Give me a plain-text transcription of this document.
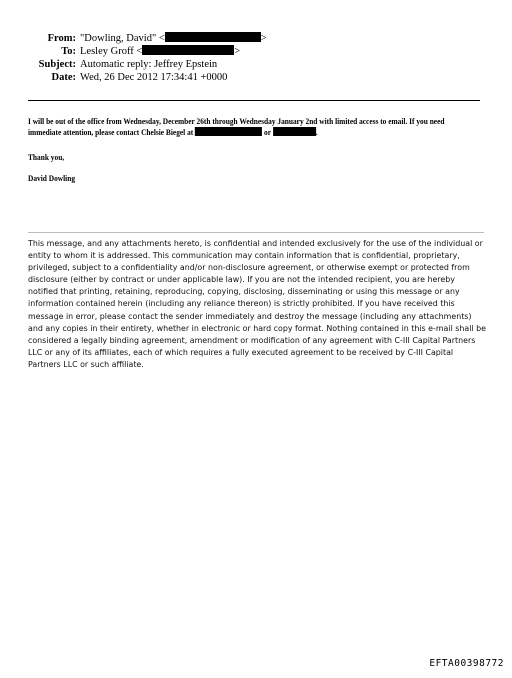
From: "Dowling, David" <	>
To: Lesley Groff <	>
Subject: Automatic reply: Jeffrey Epstein
Date: Wed, 26 Dec 2012 17:34:41 +0000

I will be out of the office from Wednesday, December 26th through Wednesday January 2nd with limited access to email. If you need

immediate attention, please contact Chelsie Biegel at	or	.

Thank you,
David Dowling
This message, and any attachments hereto, is confidential and intended exclusively for the use of the individual or entity to whom it is addressed. This communication may contain information that is confidential, proprietary, privileged, subject to a confidentiality and/or non-disclosure agreement, or otherwise exempt or protected from disclosure (either by contract or under applicable law). If you are not the intended recipient, you are hereby notified that printing, retaining, reproducing, copying, disclosing, disseminating or using this message or any information contained herein (including any reliance thereon) is strictly prohibited. If you have received this message in error, please contact the sender immediately and destroy the message (including any attachments) and any copies in their entirety, whether in electronic or hard copy format. Nothing contained in this e-mail shall be considered a legally binding agreement, amendment or modification of any agreement with C-III Capital Partners LLC or any of its affiliates, each of which requires a fully executed agreement to be received by C-III Capital Partners LLC or such affiliate.
EFTA00398772
